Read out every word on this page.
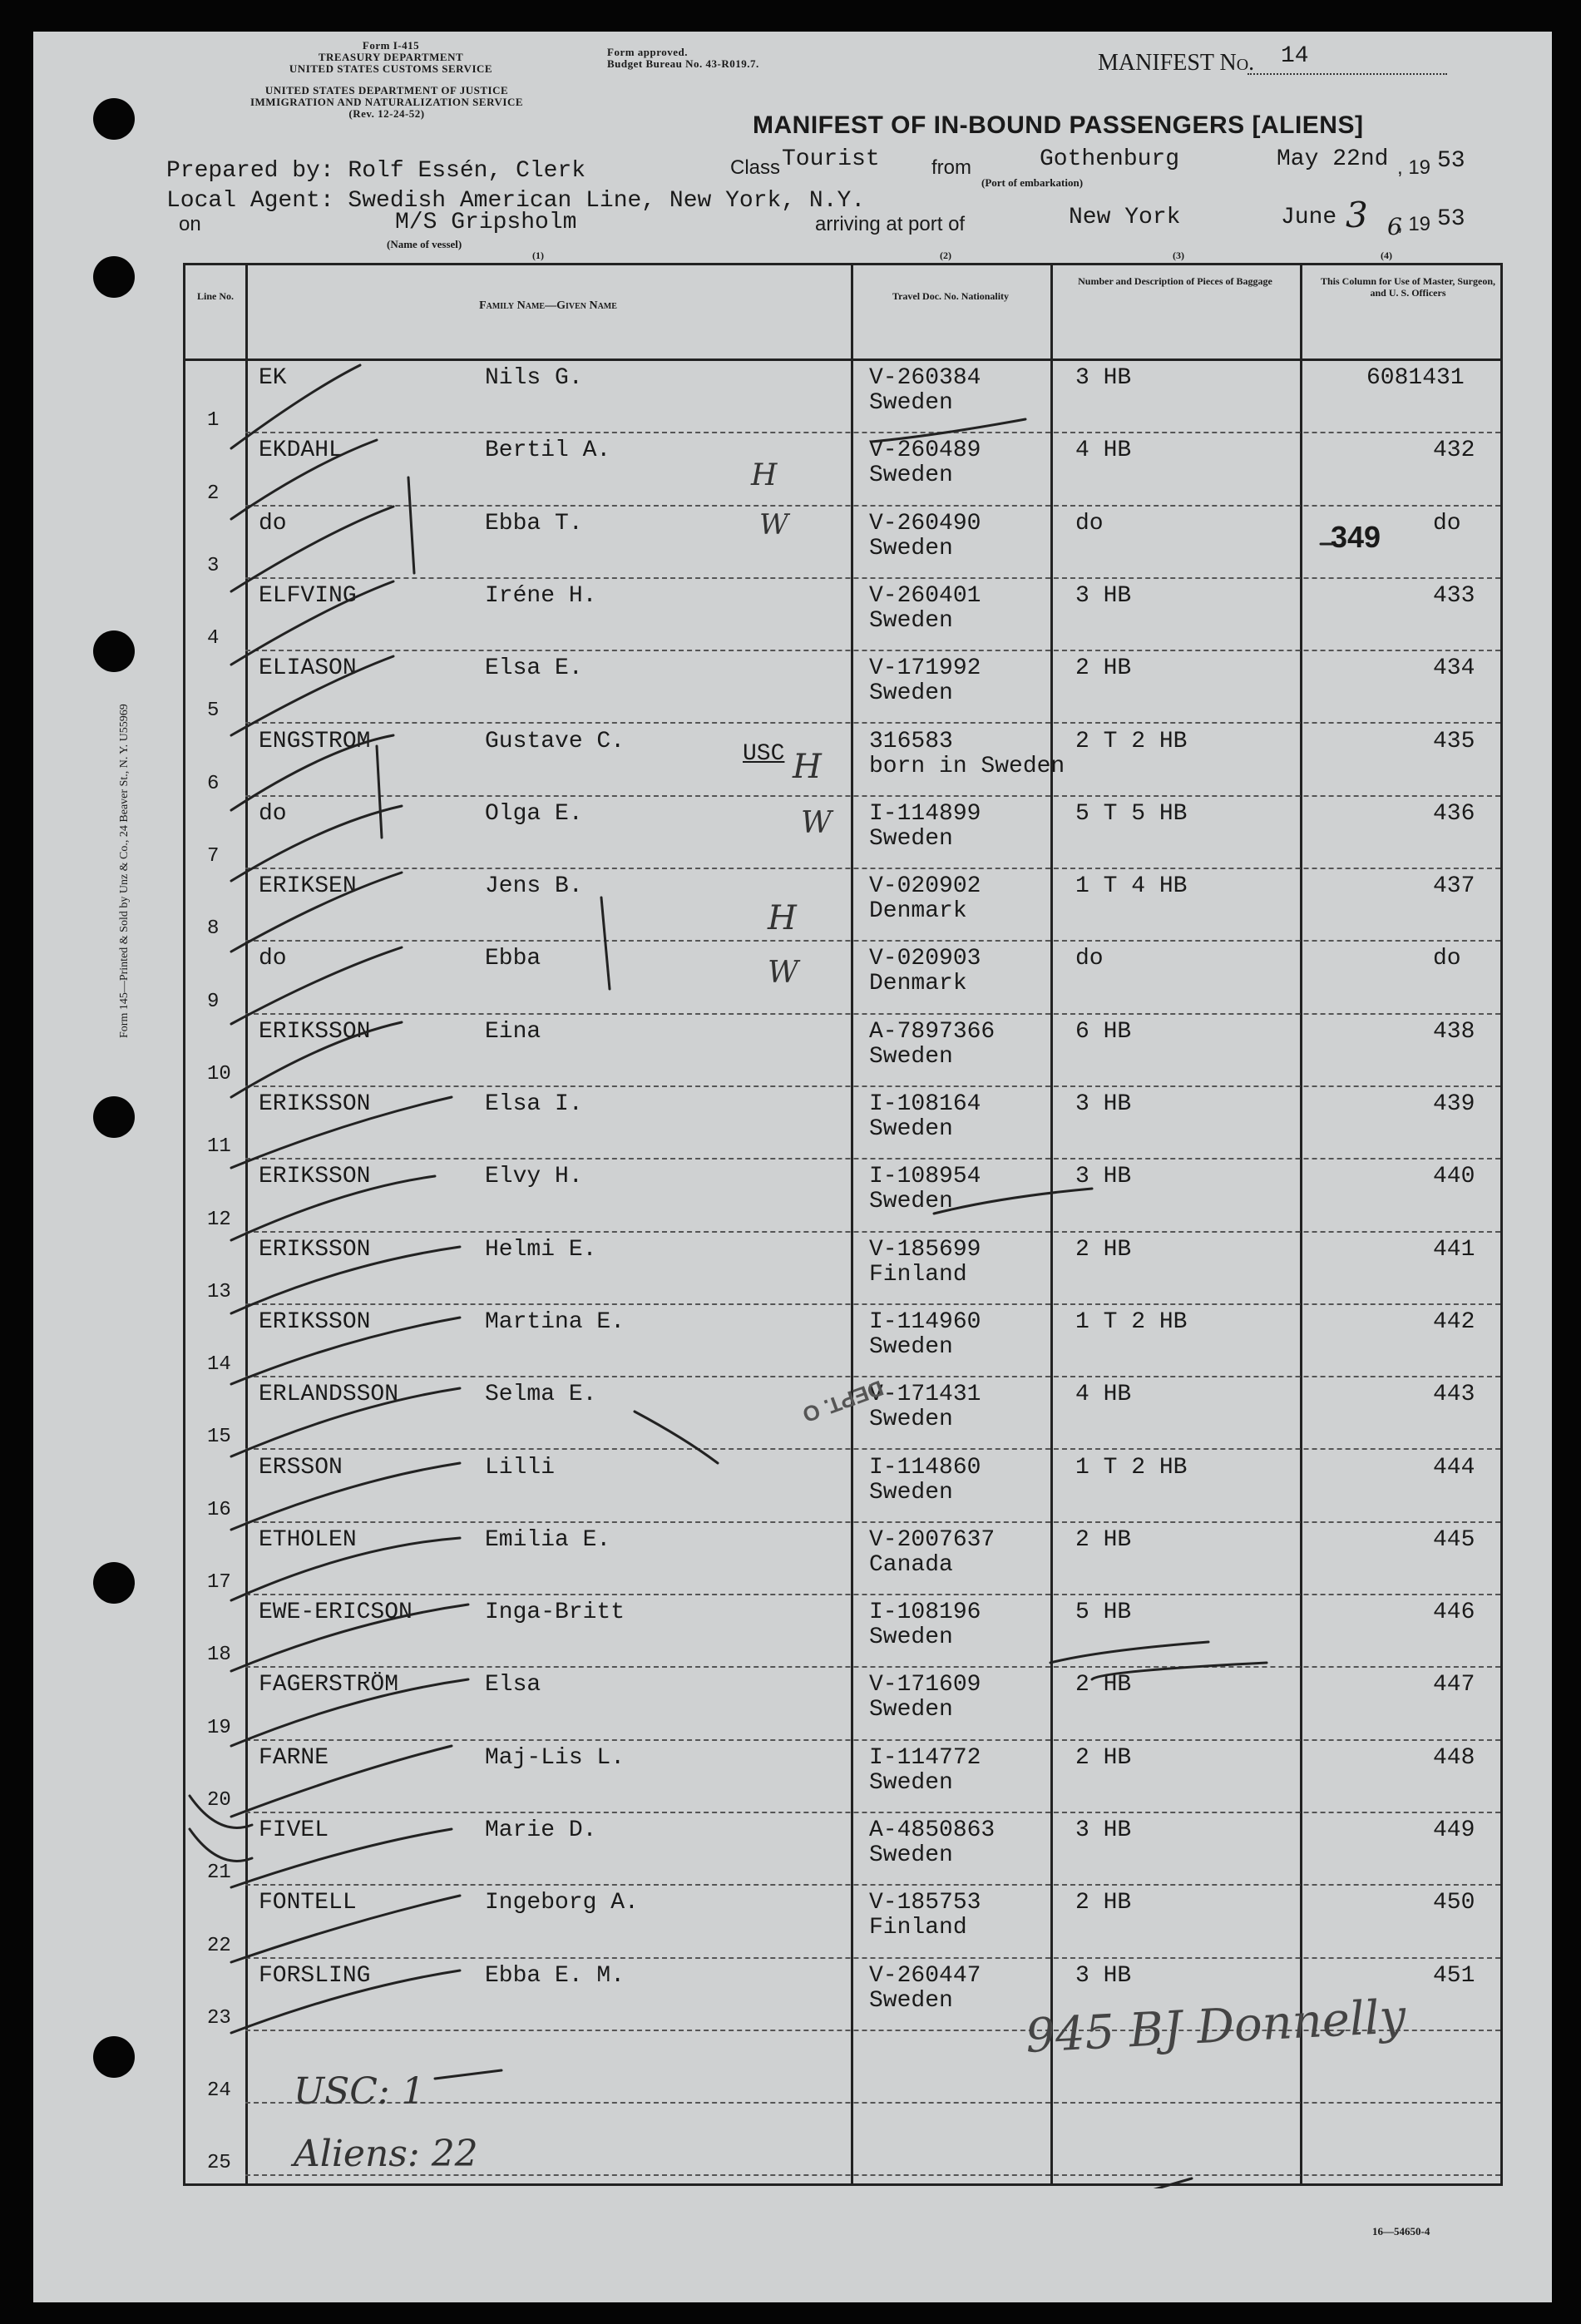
Form I-415
TREASURY DEPARTMENT
UNITED STATES CUSTOMS SERVICE
UNITED STATES DEPARTMENT OF JUSTICE
IMMIGRATION AND NATURALIZATION SERVICE
(Rev. 12-24-52)
Form approved.
Budget Bureau No. 43-R019.7.	MANIFEST No. 14
MANIFEST OF IN-BOUND PASSENGERS [ALIENS]
Prepared by: Rolf Essén, Clerk
Local Agent: Swedish American Line, New York, N.Y.
Class Tourist	from	Gothenburg
(Port of embarkation)
May 22nd , 19 53
on	M/S Gripsholm
(Name of vessel)
arriving at port of	New York	June 3 6
, 19 53
(1)	(2)	(3)	(4)
Form 145—Printed & Sold by Unz & Co., 24 Beaver St., N. Y. U55969
Line No.
Family Name—Given Name
Travel Doc. No. Nationality
Number and Description of Pieces of Baggage	This Column for Use of Master, Surgeon, and U. S. Officers
1
EK	Nils G.	V-260384
Sweden
3 HB	6081431
2
EKDAHL	Bertil A.	V-260489
Sweden
4 HB	432
3
do	Ebba T.	V-260490
Sweden
do	do
4
ELFVING	Iréne H.	V-260401
Sweden
3 HB	433
5
ELIASON	Elsa E.	V-171992
Sweden
2 HB	434
6
ENGSTROM	Gustave C.	316583
born in Sweden
2 T 2 HB	435
7
do	Olga E.	I-114899
Sweden
5 T 5 HB	436
8
ERIKSEN	Jens B.	V-020902
Denmark
1 T 4 HB	437
9
do	Ebba	V-020903
Denmark
do	do
10
ERIKSSON	Eina	A-7897366
Sweden
6 HB	438
11
ERIKSSON	Elsa I.	I-108164
Sweden
3 HB	439
12
ERIKSSON	Elvy H.	I-108954
Sweden
3 HB	440
13
ERIKSSON	Helmi E.	V-185699
Finland
2 HB	441
14
ERIKSSON	Martina E.	I-114960
Sweden
1 T 2 HB	442
15
ERLANDSSON	Selma E.	V-171431
Sweden
4 HB	443
16
ERSSON	Lilli	I-114860
Sweden
1 T 2 HB	444
17
ETHOLEN	Emilia E.	V-2007637
Canada
2 HB	445
18
EWE-ERICSON	Inga-Britt	I-108196
Sweden
5 HB	446
19
FAGERSTRÖM	Elsa	V-171609
Sweden
2 HB	447
20
FARNE	Maj-Lis L.	I-114772
Sweden
2 HB	448
21
FIVEL	Marie D.	A-4850863
Sweden
3 HB	449
22
FONTELL	Ingeborg A.	V-185753
Finland
2 HB	450
23
FORSLING	Ebba E. M.	V-260447
Sweden
3 HB	451
24
25
USC
349
USC: 1
Aliens: 22
945 BJ Donnelly
DEPT. O
H
W
H
W
H
W
16—54650-4
